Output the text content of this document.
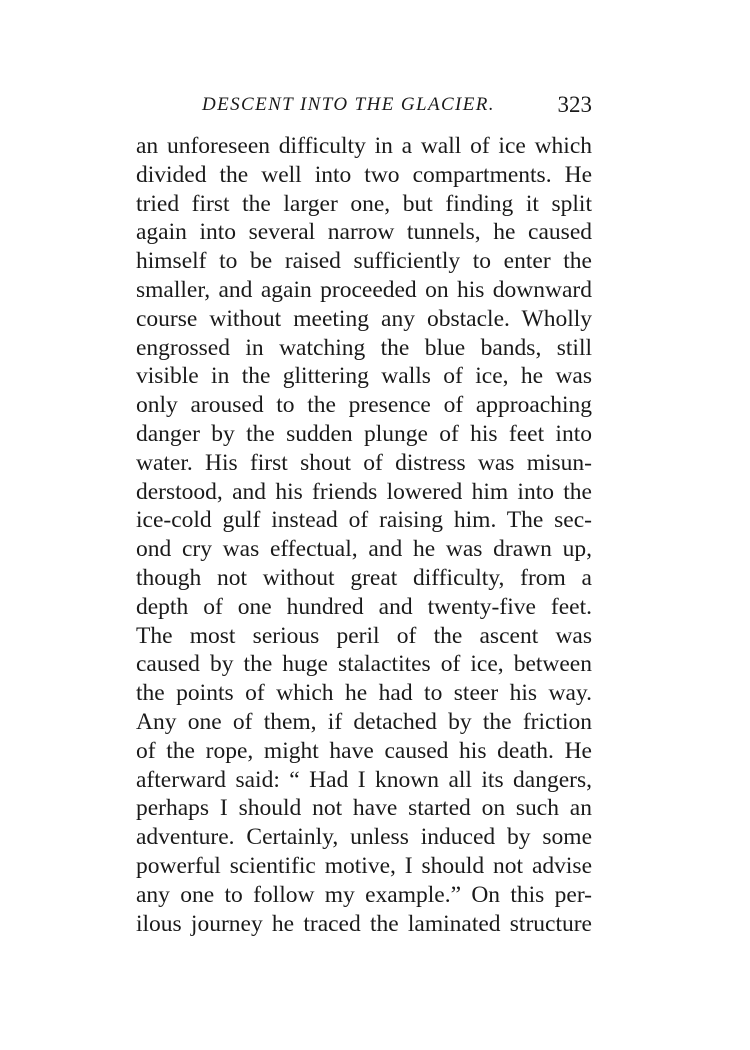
DESCENT INTO THE GLACIER.	323
an unforeseen difficulty in a wall of ice which
divided the well into two compartments. He
tried first the larger one, but finding it split
again into several narrow tunnels, he caused
himself to be raised sufficiently to enter the
smaller, and again proceeded on his downward
course without meeting any obstacle. Wholly
engrossed in watching the blue bands, still
visible in the glittering walls of ice, he was
only aroused to the presence of approaching
danger by the sudden plunge of his feet into
water. His first shout of distress was misun-
derstood, and his friends lowered him into the
ice-cold gulf instead of raising him. The sec-
ond cry was effectual, and he was drawn up,
though not without great difficulty, from a
depth of one hundred and twenty-five feet.
The most serious peril of the ascent was
caused by the huge stalactites of ice, between
the points of which he had to steer his way.
Any one of them, if detached by the friction
of the rope, might have caused his death. He
afterward said: “ Had I known all its dangers,
perhaps I should not have started on such an
adventure. Certainly, unless induced by some
powerful scientific motive, I should not advise
any one to follow my example.” On this per-
ilous journey he traced the laminated structure
